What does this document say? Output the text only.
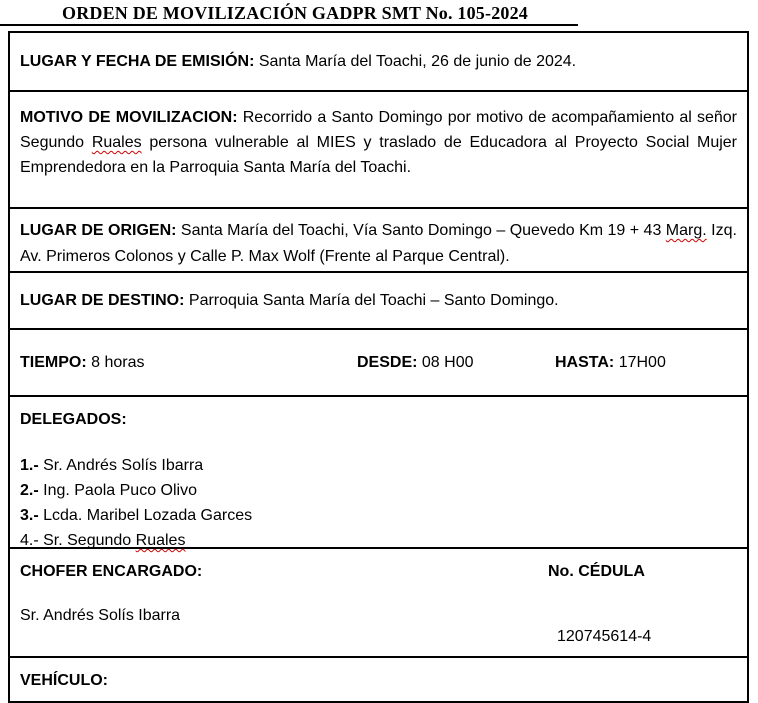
ORDEN DE MOVILIZACIÓN GADPR SMT No. 105-2024
LUGAR Y FECHA DE EMISIÓN: Santa María del Toachi, 26 de junio de 2024.
MOTIVO DE MOVILIZACION: Recorrido a Santo Domingo por motivo de acompañamiento al señor Segundo Ruales persona vulnerable al MIES y traslado de Educadora al Proyecto Social Mujer Emprendedora en la Parroquia Santa María del Toachi.
LUGAR DE ORIGEN: Santa María del Toachi, Vía Santo Domingo – Quevedo Km 19 + 43 Marg. Izq. Av. Primeros Colonos y Calle P. Max Wolf (Frente al Parque Central).
LUGAR DE DESTINO: Parroquia Santa María del Toachi – Santo Domingo.
TIEMPO: 8 horas	DESDE: 08 H00	HASTA: 17H00
DELEGADOS:
1.- Sr. Andrés Solís Ibarra
2.- Ing. Paola Puco Olivo
3.- Lcda. Maribel Lozada Garces
4.- Sr. Segundo Ruales
CHOFER ENCARGADO:	No. CÉDULA
Sr. Andrés Solís Ibarra
120745614-4
VEHÍCULO:
